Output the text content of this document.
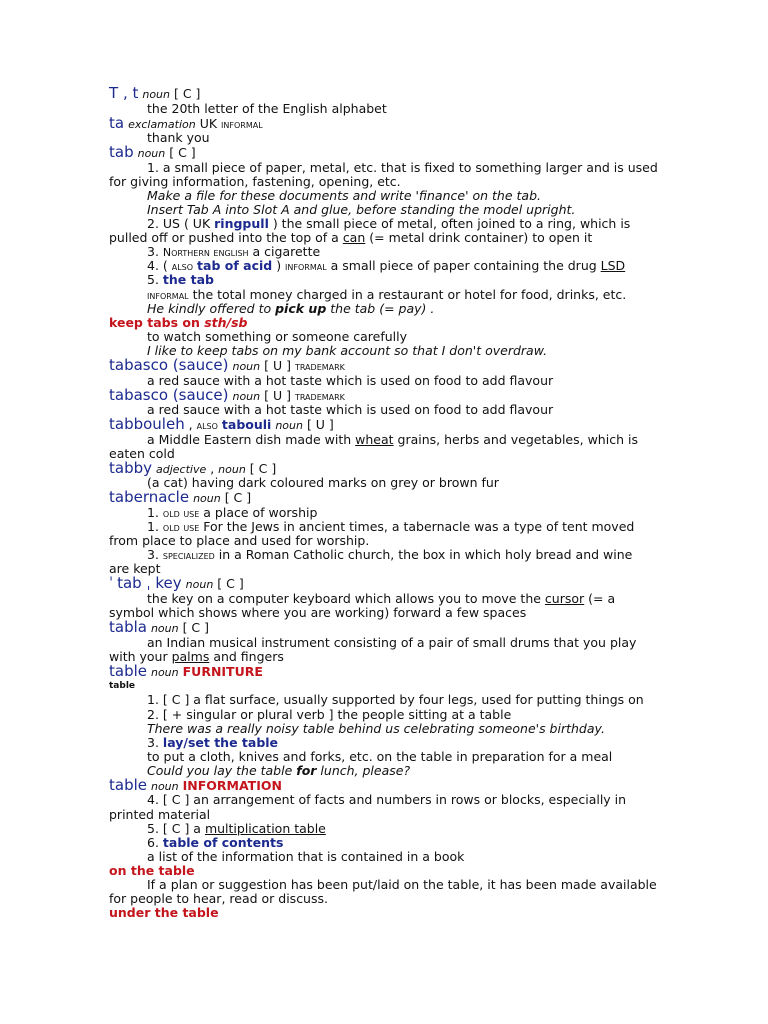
T , t noun [ C ]
the 20th letter of the English alphabet
ta exclamation UK informal
thank you
tab noun [ C ]
1. a small piece of paper, metal, etc. that is fixed to something larger and is used
for giving information, fastening, opening, etc.
Make a file for these documents and write 'finance' on the tab.
Insert Tab A into Slot A and glue, before standing the model upright.
2. US ( UK ringpull ) the small piece of metal, often joined to a ring, which is
pulled off or pushed into the top of a can (= metal drink container) to open it
3. Northern english a cigarette
4. ( also tab of acid ) informal a small piece of paper containing the drug LSD
5. the tab
informal the total money charged in a restaurant or hotel for food, drinks, etc.
He kindly offered to pick up the tab (= pay) .
keep tabs on sth/sb
to watch something or someone carefully
I like to keep tabs on my bank account so that I don't overdraw.
tabasco (sauce) noun [ U ] trademark
a red sauce with a hot taste which is used on food to add flavour
tabasco (sauce) noun [ U ] trademark
a red sauce with a hot taste which is used on food to add flavour
tabbouleh , also tabouli noun [ U ]
a Middle Eastern dish made with wheat grains, herbs and vegetables, which is
eaten cold
tabby adjective , noun [ C ]
(a cat) having dark coloured marks on grey or brown fur
tabernacle noun [ C ]
1. old use a place of worship
1. old use For the Jews in ancient times, a tabernacle was a type of tent moved
from place to place and used for worship.
3. specialized in a Roman Catholic church, the box in which holy bread and wine
are kept
ˈ tab ˌ key noun [ C ]
the key on a computer keyboard which allows you to move the cursor (= a
symbol which shows where you are working) forward a few spaces
tabla noun [ C ]
an Indian musical instrument consisting of a pair of small drums that you play
with your palms and fingers
table noun FURNITURE
table
1. [ C ] a flat surface, usually supported by four legs, used for putting things on
2. [ + singular or plural verb ] the people sitting at a table
There was a really noisy table behind us celebrating someone's birthday.
3. lay/set the table
to put a cloth, knives and forks, etc. on the table in preparation for a meal
Could you lay the table for lunch, please?
table noun INFORMATION
4. [ C ] an arrangement of facts and numbers in rows or blocks, especially in
printed material
5. [ C ] a multiplication table
6. table of contents
a list of the information that is contained in a book
on the table
If a plan or suggestion has been put/laid on the table, it has been made available
for people to hear, read or discuss.
under the table
